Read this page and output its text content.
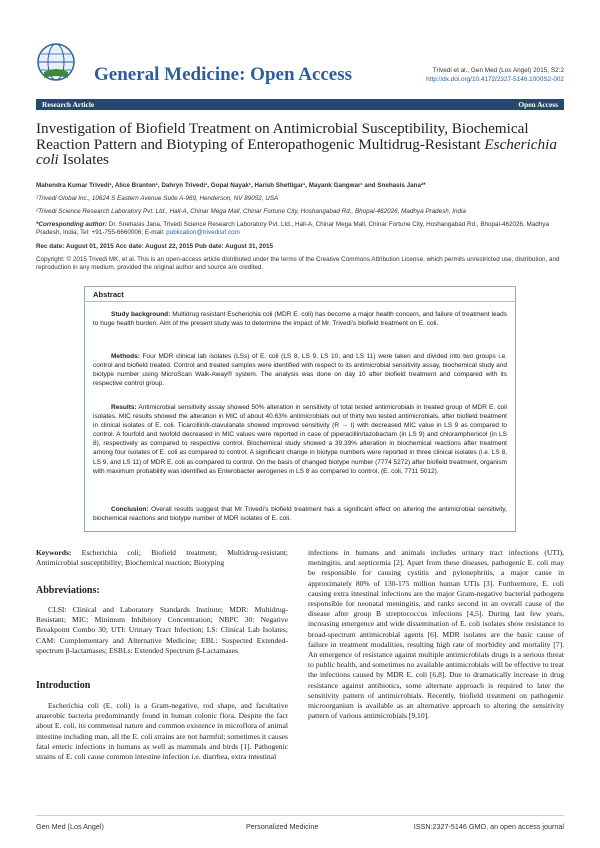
General Medicine: Open Access	Trivedi et al., Gen Med (Los Angel) 2015, S2:2
http://dx.doi.org/10.4172/2327-5146.1000S2-002
Research Article	Open Access
Investigation of Biofield Treatment on Antimicrobial Susceptibility, Biochemical Reaction Pattern and Biotyping of Enteropathogenic Multidrug-Resistant Escherichia coli Isolates
Mahendra Kumar Trivedi¹, Alice Branton¹, Dahryn Trivedi¹, Gopal Nayak¹, Harish Shettigar¹, Mayank Gangwar¹ and Snehasis Jana²*
¹Trivedi Global Inc., 10624 S Eastern Avenue Suite A-969, Henderson, NV 89052, USA
²Trivedi Science Research Laboratory Pvt. Ltd., Hall-A, Chinar Mega Mall, Chinar Fortune City, Hoshangabad Rd., Bhopal-462026, Madhya Pradesh, India
*Corresponding author: Dr. Snehasis Jana, Trivedi Science Research Laboratory Pvt. Ltd., Hall-A, Chinar Mega Mall, Chinar Fortune City, Hoshangabad Rd., Bhopal-462026, Madhya Pradesh, India, Tel: +91-755-6660006; E-mail: publication@trivedisrl.com
Rec date: August 01, 2015 Acc date: August 22, 2015 Pub date: August 31, 2015
Copyright: © 2015 Trivedi MK, et al. This is an open-access article distributed under the terms of the Creative Commons Attribution License, which permits unrestricted use, distribution, and reproduction in any medium, provided the original author and source are credited.
Abstract
Study background: Multidrug resistant Escherichia coli (MDR E. coli) has become a major health concern, and failure of treatment leads to huge health burden. Aim of the present study was to determine the impact of Mr. Trivedi’s biofield treatment on E. coli.
Methods: Four MDR clinical lab isolates (LSs) of E. coli (LS 8, LS 9, LS 10, and LS 11) were taken and divided into two groups i.e. control and biofield treated. Control and treated samples were identified with respect to its antimicrobial sensitivity assay, biochemical study and biotype number using MicroScan Walk-Away® system. The analysis was done on day 10 after biofield treatment and compared with its respective control group.
Results: Antimicrobial sensitivity assay showed 50% alteration in sensitivity of total tested antimicrobials in treated group of MDR E. coli isolates. MIC results showed the alteration in MIC of about 40.63% antimicrobials out of thirty two tested antimicrobials, after biofield treatment in clinical isolates of E. coli. Ticarcillin/k-clavulanate showed improved sensitivity (R → I) with decreased MIC value in LS 9 as compared to control. A fourfold and twofold decreased in MIC values were reported in case of piperacillin/tazobactam (in LS 9) and chloramphenicol (in LS 8), respectively as compared to respective control. Biochemical study showed a 39.39% alteration in biochemical reactions after treatment among four isolates of E. coli as compared to control. A significant change in biotype numbers were reported in three clinical isolates (i.e. LS 8, LS 9, and LS 11) of MDR E. coli as compared to control. On the basis of changed biotype number (7774 5272) after biofield treatment, organism with maximum probability was identified as Enterobacter aerogenes in LS 8 as compared to control, (E. coli, 7711 5012).
Conclusion: Overall results suggest that Mr Trivedi’s biofield treatment has a significant effect on altering the antimicrobial sensitivity, biochemical reactions and biotype number of MDR isolates of E. coli.
Keywords: Escherichia coli; Biofield treatment; Multidrug-resistant; Antimicrobial susceptibility; Biochemical reaction; Biotyping
Abbreviations:
CLSI: Clinical and Laboratory Standards Institute; MDR: Multidrug-Resistant; MIC: Minimum Inhibitory Concentration; NBPC 30: Negative Breakpoint Combo 30; UTI: Urinary Tract Infection; LS: Clinical Lab Isolates; CAM: Complementary and Alternative Medicine; EBL: Suspected Extended-spectrum β-lactamases; ESBLs: Extended Spectrum β-Lactamases
Introduction
Escherichia coli (E. coli) is a Gram-negative, rod shape, and facultative anaerobic bacteria predominantly found in human colonic flora. Despite the fact about E. coli, its commensal nature and common existence in microflora of animal intestine including man, all the E. coli strains are not harmful; sometimes it causes fatal enteric infections in humans as well as mammals and birds [1]. Pathogenic strains of E. coli cause common intestine infection i.e. diarrhea, extra intestinal
infections in humans and animals includes urinary tract infections (UTI), meningitis, and septicemia [2]. Apart from these diseases, pathogenic E. coli may be responsible for causing cystitis and pylonephritis, a major cause in approximately 80% of 130-175 million human UTIs [3]. Furthermore, E. coli causing extra intestinal infections are the major Gram-negative bacterial pathogens responsible for neonatal meningitis, and ranks second in an overall cause of the disease after group B streptococcus infections [4,5]. During last few years, increasing emergence and wide dissemination of E. coli isolates show resistance to broad-spectrum antimicrobial agents [6]. MDR isolates are the basic cause of failure in treatment modalities, resulting high rate of morbidity and mortality [7]. An emergence of resistance against multiple antimicrobials drugs is a serious threat to public health, and sometimes no available antimicrobials will be effective to treat the infections caused by MDR E. coli [6,8]. Due to dramatically increase in drug resistance against antibiotics, some alternate approach is required to later the sensitivity pattern of antimicrobials. Recently, biofield treatment on pathogenic microorganism is available as an alternative approach to altering the sensitivity pattern of various antimicrobials [9,10].
Gen Med (Los Angel)	Personalized Medicine	ISSN:2327-5146 GMO, an open access journal
